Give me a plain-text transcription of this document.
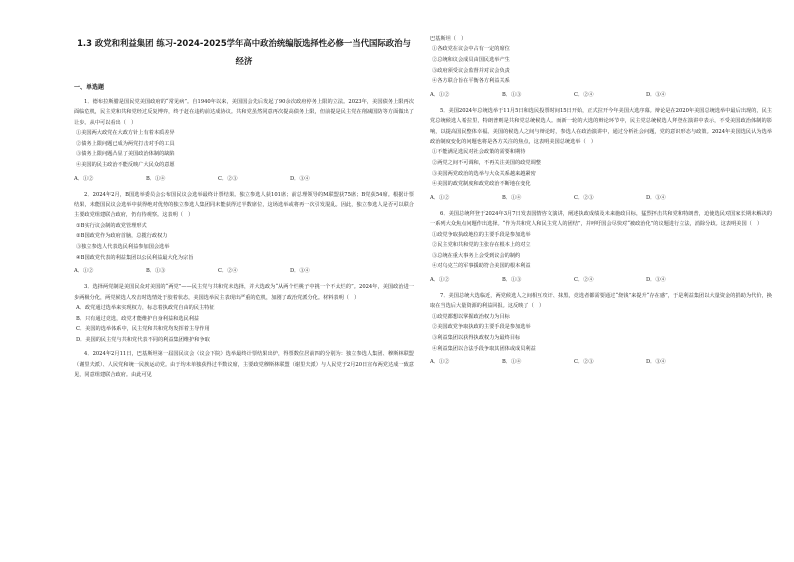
1.3 政党和利益集团 练习-2024-2025学年高中政治统编版选择性必修一当代国际政治与经济
一、单选题

1．德布拉斯腊是国民党美国政府的“常见病”。自1940年以来，美国国会先后发起了90余次政府停务上限的立法。2023年，美国债务上限再次面临危机，民主党和共和党经过反复博弈，终于赶在违约前达成协议。共和党虽然同意再次提高债务上限，但前提是民主党在削减国防等方面做出了让步。从中可以看出（　）

①美国两大政党在大政方针上有着本质差异

②债务上限问题已成为两党打击对手的工具

③债务上限问题凸显了美国政治体制的缺陷

④美国的民主政治不能反映广大民众的意愿

A．①②	B．①④	C．②③	D．③④

2．2024年2月，B国选举委员会公布国民议会选举最终计票结果。独立参选人获101席；前总理领导的M联盟获75席；B党获54席。根据计票结果，未能国民议会选举中获得绝对优势的独立参选人集团同未能获得过半数席位，这场选举或将再一次引发混乱。因此，独立参选人是否可以联合主要政党组建联合政府，仍有待观察。这表明（　）

①B实行议会制的政党管理形式

②B国政党作为政府首脑，总揽行政权力

③独立参选人代表选民利益参加国会选举

④B国政党代表的利益集团以公民利益最大化为宗旨

A．①②	B．①③	C．②④	D．③④

3．选择两党制是美国民众对美国的“两党”——民主党与共和党未选择，并大选政为“从两个烂桃子中挑一个不太烂的”。2024年，美国政治进一步两极分化，两党候选人攻击时选情处于胶着状态，美国选举民主表现出严重的危机，加剧了政治党派分化。材料表明（　）

A．政党通过选举来实现权力，标志着执政党自由的民主特征

B．只有通过竞选，政党才能维护自身利益和选民利益

C．美国的选举体系中，民主党和共和党均发挥着主导作用

D．美国的民主党与共和党代表不同的利益集团维护和争取

4．2024年2月11日，巴基斯坦第一届国民议会（议会下院）选举最终计票结果出炉，得票数位居前四的分别为：独立参选人集团、穆斯林联盟（谢里夫派）、人民党和统一民族运动党。由于均未单独获得过半数议席，主要政党穆斯林联盟（谢里夫派）与人民党于2月20日宣布两党达成一致意见，同意组建联合政府。由此可见

巴基斯坦（　）

①各政党在议会中占有一定的席位

②总统和议会成员由国民选举产生

③政府须受议会监督并对议会负责

④各方联合旨在平衡各方利益关系

A．①②	B．①③	C．②④	D．③④

5．美国2024年总统选举于11月5日和选民投票时间15日开始，正式拉开今年美国大选序幕。辩论是在2020年美国总统选举中最后出现的，民主党总统候选人希拉里，特朗普则是共和党总统候选人。而新一轮的大选的辩论环节中，民主党总统候选人拜登在演讲中表示，不受美国政治体制的影响，以提高国民整体幸福。美国的候选人之间与辩论时，参选人在政治演讲中，通过分析社会问题，党的意识形态与政策。2024年美国选民认为选举政治制度变化的问题也将是各方关注的焦点，这表明美国总统选举（　）

①不能满足选民对社会政策的需要和期待

②两党之间不可调和，不再关注美国的政党调整

③美国两党政治的选举与大众关系越来越紧密

④美国的政党制度和政党政治不断地在变化

A．①②	B．①④	C．②③	D．③④

6．美国总统拜登于2024年3月7日发表国情咨文演讲，阐述执政成绩及未来施政目标，猛烈抨击共和党和特朗普，迫使选民对国家长期未解决的一系列大众焦点问题作出选择。“作为共和党人和民主党人的团结”，并呼吁国会尽快对“被政治化”的议题进行立法，消除分歧。这表明美国（　）

①政党争取执政地位的主要手段是参加选举

②民主党和共和党的主张存在根本上的对立

③总统在重大事务上会受到议会的制约

④对乌克兰的军事援助符合美国的根本利益

A．①②	B．①③	C．②④	D．③④

7．美国总统大选临近，两党候选人之间相互攻讦、抹黑，竞选者都需要通过“烧钱”来提升“存在感”，于是利益集团以大量资金的捐助为代价，换取在当选后大量资源的利益回报。这反映了（　）

①政党都想以掌握政治权力为目标

②美国政党争取执政的主要手段是参加选举

③利益集团以获得执政权力为最终目标

④利益集团以合法手段争取其团体或成员利益

A．①②	B．①④	C．②③	D．③④
